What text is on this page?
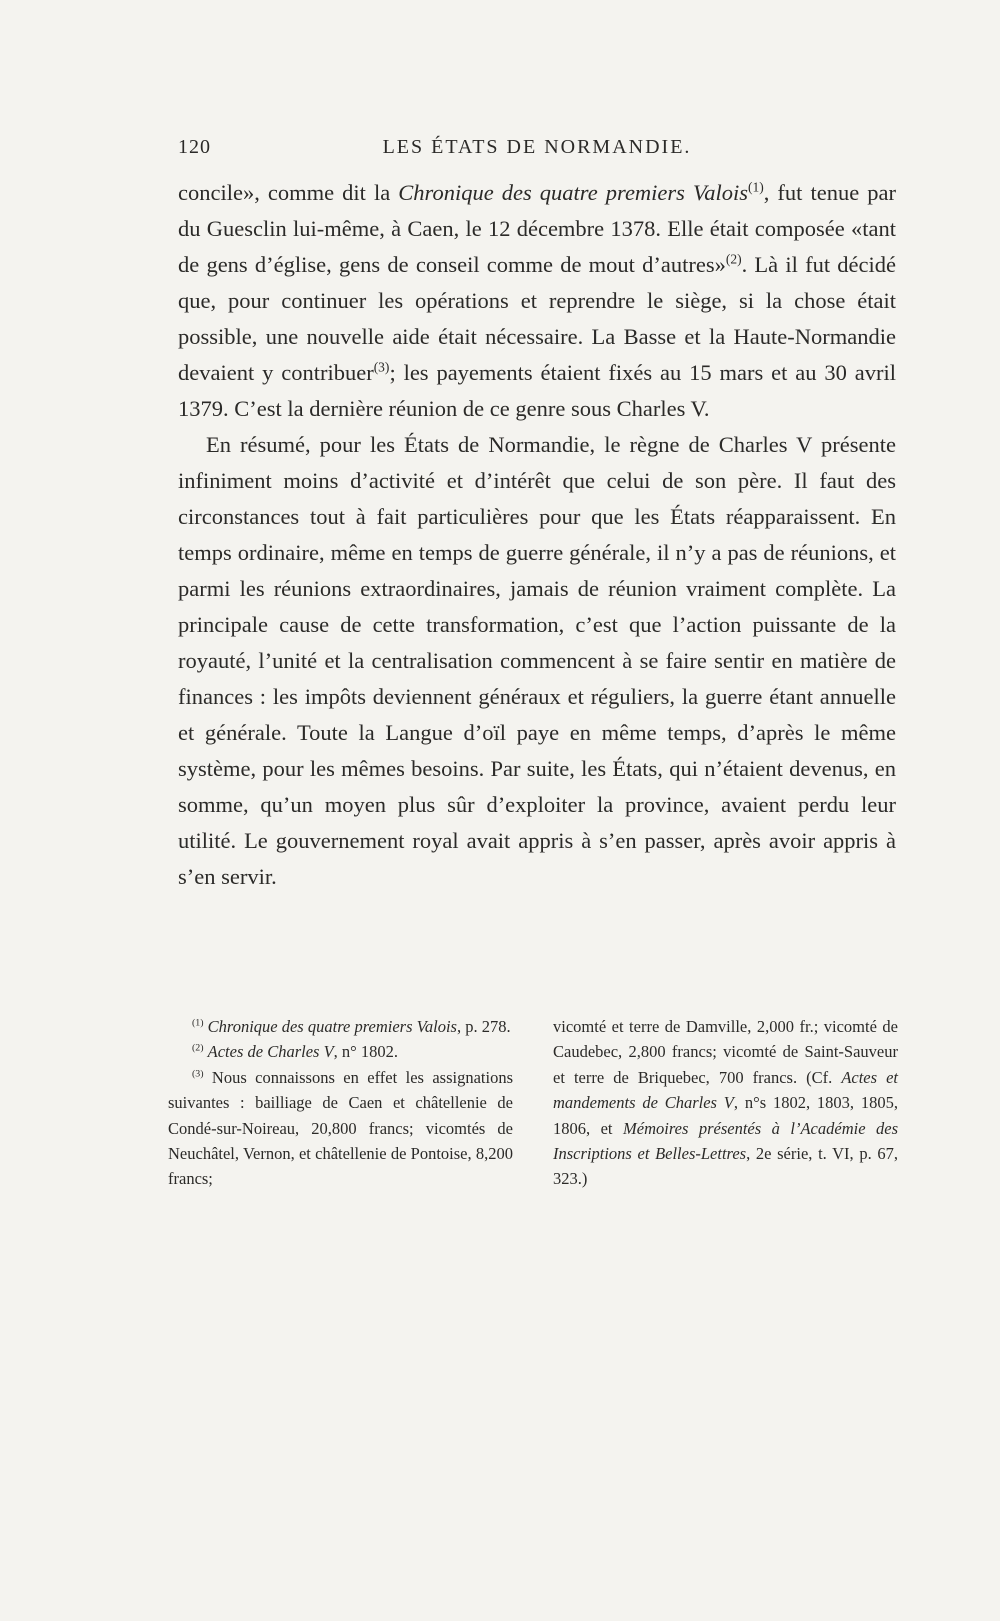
120	LES ÉTATS DE NORMANDIE.

concile», comme dit la Chronique des quatre premiers Valois$^{(1)}$, fut tenue par du Guesclin lui-même, à Caen, le 12 décembre 1378. Elle était composée «tant de gens d’église, gens de conseil comme de mout d’autres»$^{(2)}$. Là il fut décidé que, pour continuer les opérations et reprendre le siège, si la chose était possible, une nouvelle aide était nécessaire. La Basse et la Haute-Normandie devaient y contribuer$^{(3)}$; les payements étaient fixés au 15 mars et au 30 avril 1379. C’est la dernière réunion de ce genre sous Charles V.

En résumé, pour les États de Normandie, le règne de Charles V présente infiniment moins d’activité et d’intérêt que celui de son père. Il faut des circonstances tout à fait particulières pour que les États réapparaissent. En temps ordinaire, même en temps de guerre générale, il n’y a pas de réunions, et parmi les réunions extraordinaires, jamais de réunion vraiment complète. La principale cause de cette transformation, c’est que l’action puissante de la royauté, l’unité et la centralisation commencent à se faire sentir en matière de finances : les impôts deviennent généraux et réguliers, la guerre étant annuelle et générale. Toute la Langue d’oïl paye en même temps, d’après le même système, pour les mêmes besoins. Par suite, les États, qui n’étaient devenus, en somme, qu’un moyen plus sûr d’exploiter la province, avaient perdu leur utilité. Le gouvernement royal avait appris à s’en passer, après avoir appris à s’en servir.

$^{(1)}$ Chronique des quatre premiers Valois, p. 278.

$^{(2)}$ Actes de Charles V, n° 1802.

$^{(3)}$ Nous connaissons en effet les assignations suivantes : bailliage de Caen et châtellenie de Condé-sur-Noireau, 20,800 francs; vicomtés de Neuchâtel, Vernon, et châtellenie de Pontoise, 8,200 francs;

vicomté et terre de Damville, 2,000 fr.; vicomté de Caudebec, 2,800 francs; vicomté de Saint-Sauveur et terre de Briquebec, 700 francs. (Cf. Actes et mandements de Charles V, n°s 1802, 1803, 1805, 1806, et Mémoires présentés à l’Académie des Inscriptions et Belles-Lettres, 2e série, t. VI, p. 67, 323.)
